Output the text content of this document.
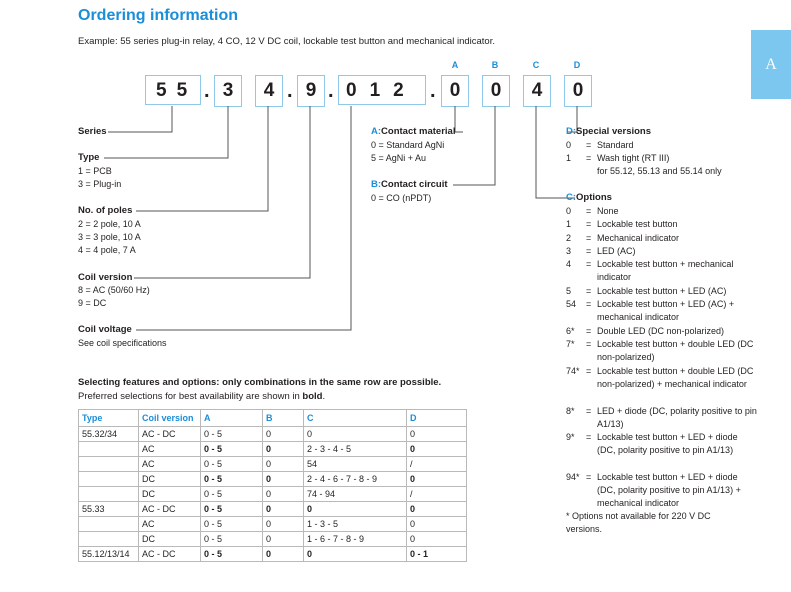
Ordering information
Example: 55 series plug-in relay, 4 CO, 12 V DC coil, lockable test button and mechanical indicator.
A
A	B	C	D
55 . 3	4 . 9 . 012 . 0	0	4	0
Series
Type
1 = PCB
3 = Plug-in
No. of poles
2 = 2 pole, 10 A
3 = 3 pole, 10 A
4 = 4 pole, 7 A
Coil version
8 = AC (50/60 Hz)
9 = DC
Coil voltage
See coil specifications
A:Contact material
0 = Standard AgNi
5 = AgNi + Au
B:Contact circuit
0 = CO (nPDT)
D:Special versions
0 = Standard
1 = Wash tight (RT III)
for 55.12, 55.13 and 55.14 only
C:Options
0 = None
1 = Lockable test button
2 = Mechanical indicator
3 = LED (AC)
4 = Lockable test button + mechanical indicator
5 = Lockable test button + LED (AC)
54 = Lockable test button + LED (AC) + mechanical indicator
6* = Double LED (DC non-polarized)
7* = Lockable test button + double LED (DC non-polarized)
74* = Lockable test button + double LED (DC non-polarized) + mechanical indicator
8* = LED + diode (DC, polarity positive to pin A1/13)
9* = Lockable test button + LED + diode (DC, polarity positive to pin A1/13)
94* = Lockable test button + LED + diode (DC, polarity positive to pin A1/13) + mechanical indicator
* Options not available for 220 V DC versions.
Selecting features and options: only combinations in the same row are possible.
Preferred selections for best availability are shown in bold.
Type	Coil version	A	B	C	D
55.32/34	AC - DC	0 - 5	0	0	0
	AC	0 - 5	0	2 - 3 - 4 - 5	0
	AC	0 - 5	0	54	/
	DC	0 - 5	0	2 - 4 - 6 - 7 - 8 - 9	0
	DC	0 - 5	0	74 - 94	/
55.33	AC - DC	0 - 5	0	0	0
	AC	0 - 5	0	1 - 3 - 5	0
	DC	0 - 5	0	1 - 6 - 7 - 8 - 9	0
55.12/13/14	AC - DC	0 - 5	0	0	0 - 1
